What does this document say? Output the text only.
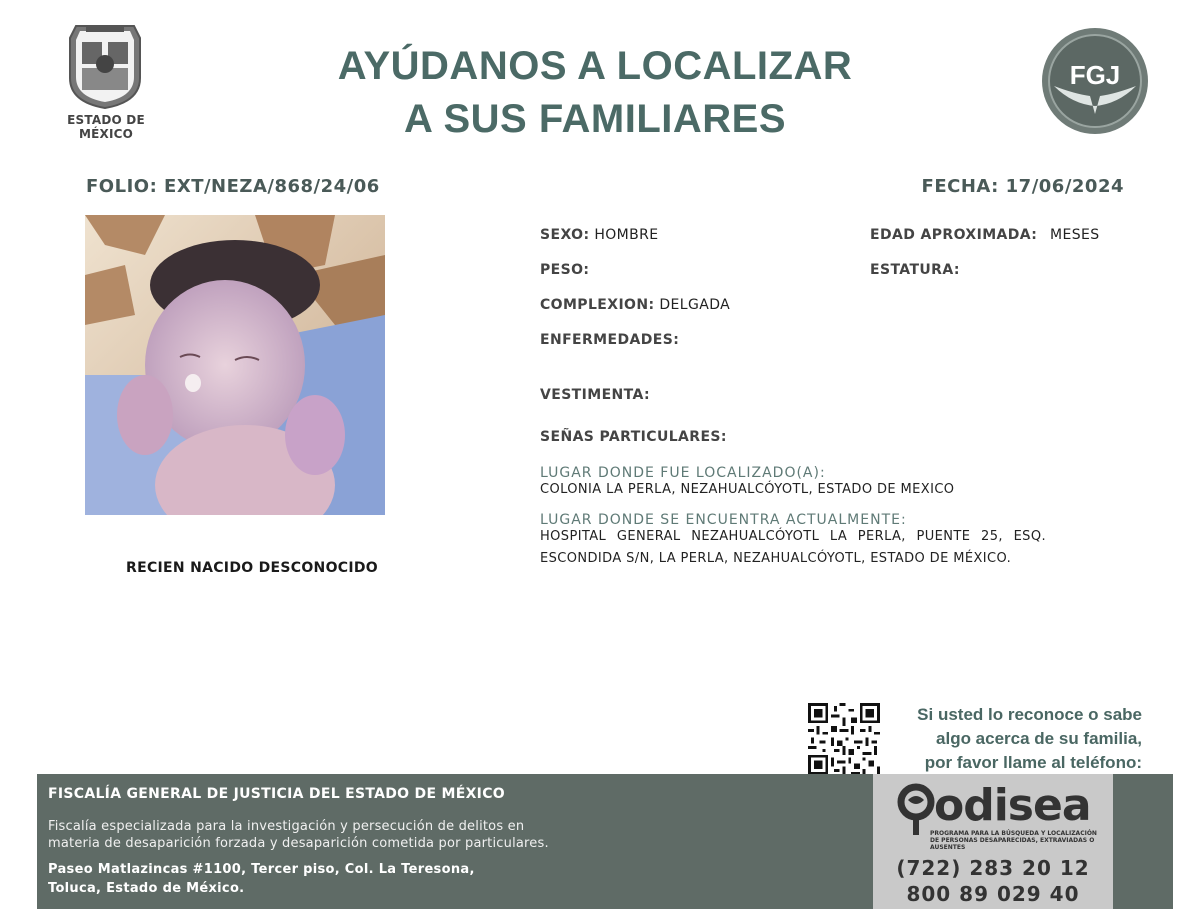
ESTADO DE MÉXICO
AYÚDANOS A LOCALIZAR
A SUS FAMILIARES
FGJ
FOLIO: EXT/NEZA/868/24/06	FECHA: 17/06/2024
RECIEN NACIDO DESCONOCIDO
SEXO: HOMBRE	EDAD APROXIMADA: MESES
PESO:	ESTATURA:
COMPLEXION: DELGADA
ENFERMEDADES:
VESTIMENTA:
SEÑAS PARTICULARES:
LUGAR DONDE FUE LOCALIZADO(A):
COLONIA LA PERLA, NEZAHUALCÓYOTL, ESTADO DE MEXICO
LUGAR DONDE SE ENCUENTRA ACTUALMENTE:
HOSPITAL GENERAL NEZAHUALCÓYOTL LA PERLA, PUENTE 25, ESQ.
ESCONDIDA S/N, LA PERLA, NEZAHUALCÓYOTL, ESTADO DE MÉXICO.
Si usted lo reconoce o sabe
algo acerca de su familia,
por favor llame al teléfono:
FISCALÍA GENERAL DE JUSTICIA DEL ESTADO DE MÉXICO
Fiscalía especializada para la investigación y persecución de delitos en
materia de desaparición forzada y desaparición cometida por particulares.
Paseo Matlazincas #1100, Tercer piso, Col. La Teresona,
Toluca, Estado de México.
odisea
PROGRAMA PARA LA BÚSQUEDA Y LOCALIZACIÓN DE PERSONAS DESAPARECIDAS, EXTRAVIADAS O AUSENTES
(722) 283 20 12
800 89 029 40
